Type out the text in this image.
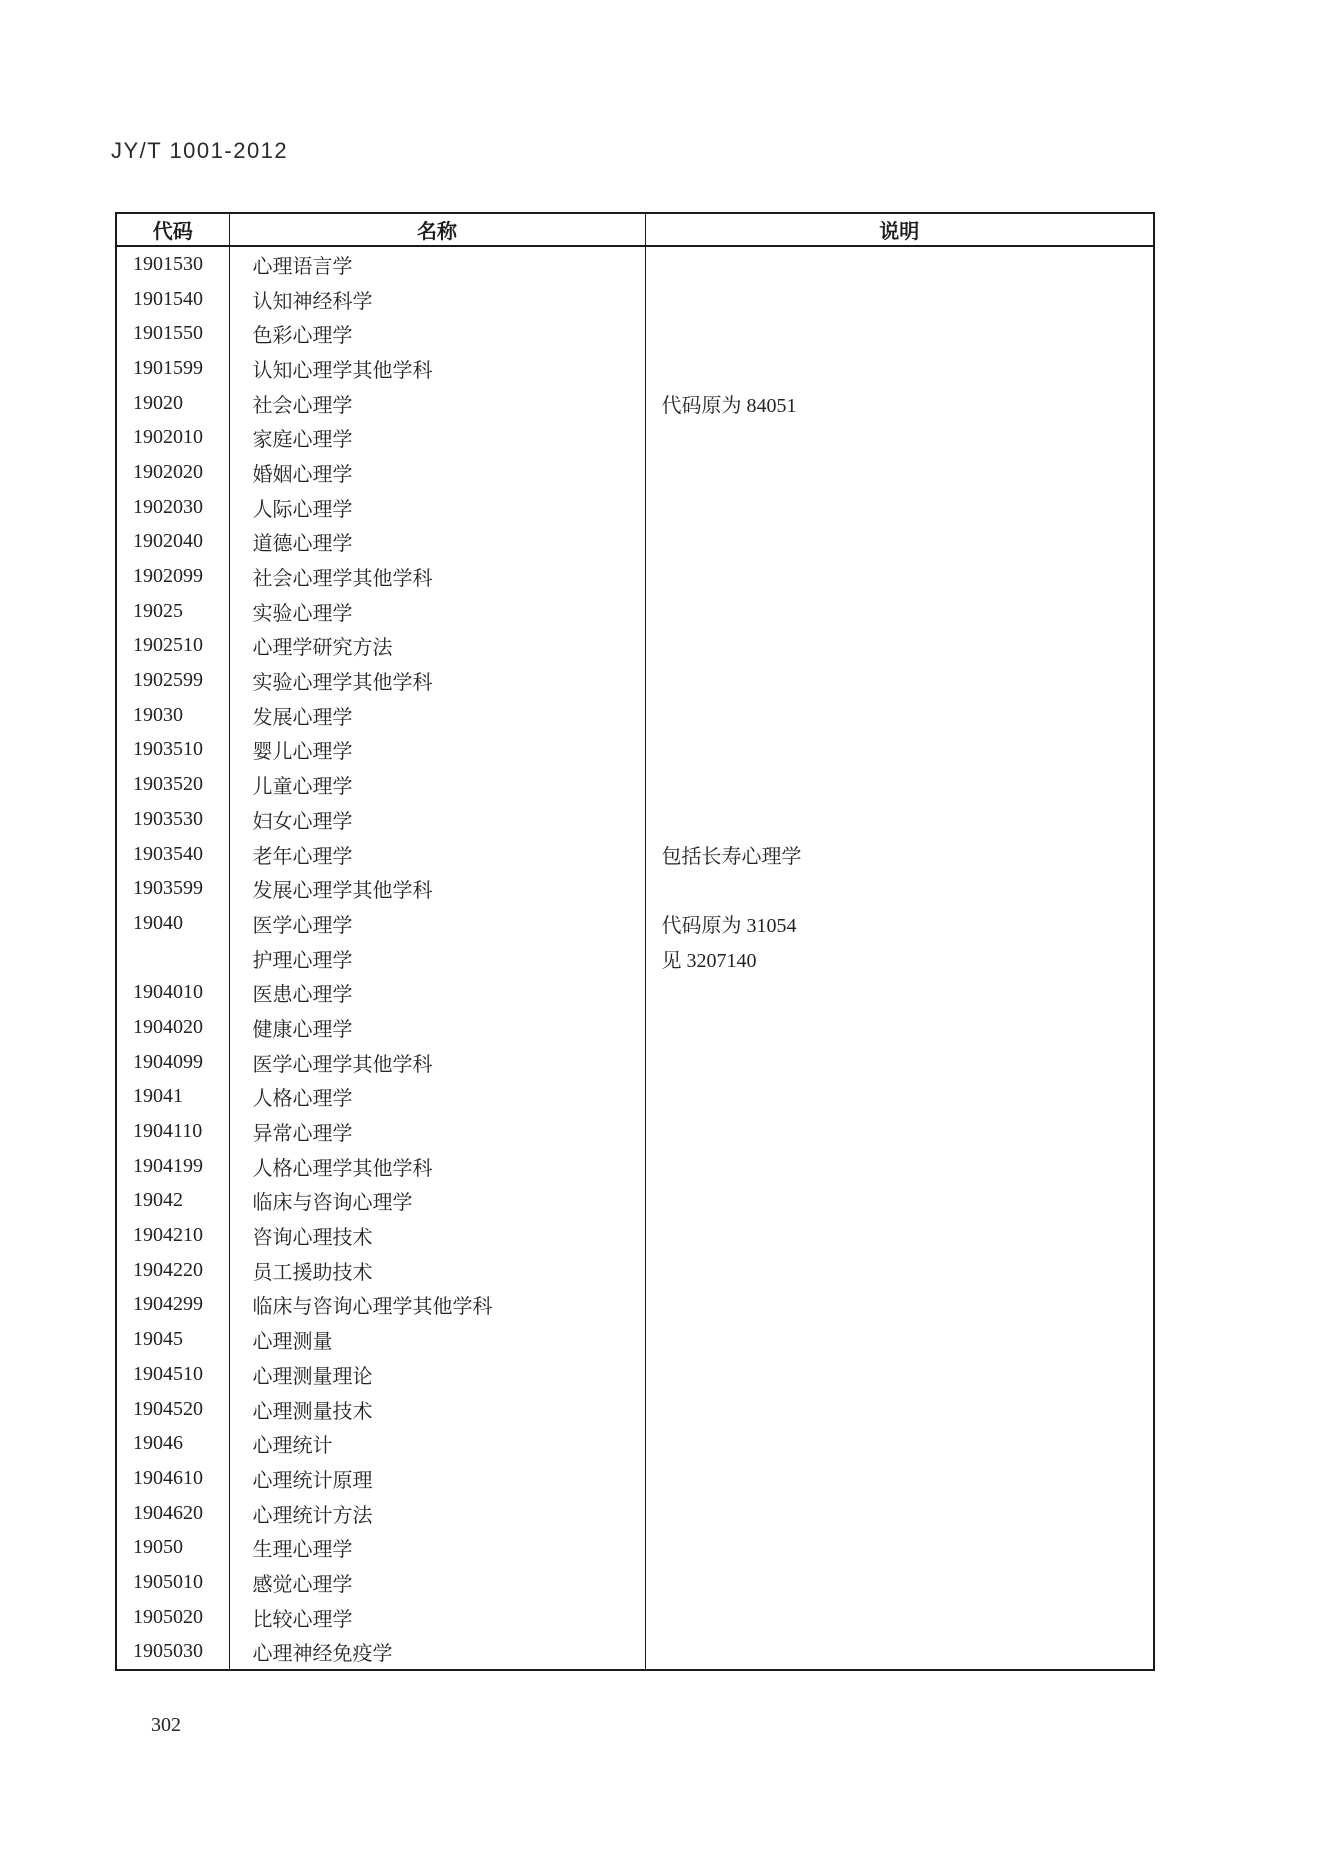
JY/T 1001-2012
代码	名称	说明
1901530	心理语言学	
1901540	认知神经科学	
1901550	色彩心理学	
1901599	认知心理学其他学科	
19020	社会心理学	代码原为 84051
1902010	家庭心理学	
1902020	婚姻心理学	
1902030	人际心理学	
1902040	道德心理学	
1902099	社会心理学其他学科	
19025	实验心理学	
1902510	心理学研究方法	
1902599	实验心理学其他学科	
19030	发展心理学	
1903510	婴儿心理学	
1903520	儿童心理学	
1903530	妇女心理学	
1903540	老年心理学	包括长寿心理学
1903599	发展心理学其他学科	
19040	医学心理学	代码原为 31054
	护理心理学	见 3207140
1904010	医患心理学	
1904020	健康心理学	
1904099	医学心理学其他学科	
19041	人格心理学	
1904110	异常心理学	
1904199	人格心理学其他学科	
19042	临床与咨询心理学	
1904210	咨询心理技术	
1904220	员工援助技术	
1904299	临床与咨询心理学其他学科	
19045	心理测量	
1904510	心理测量理论	
1904520	心理测量技术	
19046	心理统计	
1904610	心理统计原理	
1904620	心理统计方法	
19050	生理心理学	
1905010	感觉心理学	
1905020	比较心理学	
1905030	心理神经免疫学	
302
